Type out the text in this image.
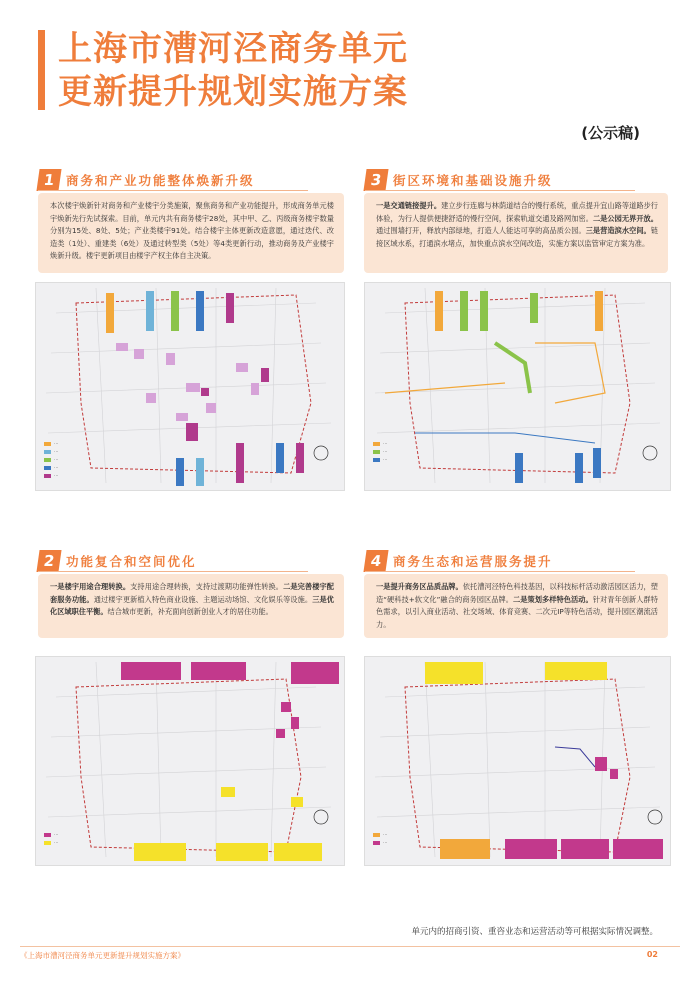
上海市漕河泾商务单元
更新提升规划实施方案
(公示稿)
1 商务和产业功能整体焕新升级
本次楼宇焕新针对商务和产业楼宇分类施策，聚焦商务和产业功能提升，形成商务单元楼宇焕新先行先试探索。目前，单元内共有商务楼宇28处，其中甲、乙、丙级商务楼宇数量分别为15处、8处、5处；产业类楼宇91处。结合楼宇主体更新改造意愿，通过迭代、改造类（1处）、重建类（6处）及通过转型类（5处）等4类更新行动，推动商务及产业楼宇焕新升级。楼宇更新项目由楼宇产权主体自主决策。
3 街区环境和基础设施升级
一是交通链接提升。建立步行连廊与林荫道结合的慢行系统，重点提升宜山路等道路步行体验，为行人提供便捷舒适的慢行空间，探索轨道交通及路网加密。二是公园无界开放。通过围墙打开，释放内部绿地，打造人人能达可享的高品质公园。三是营造滨水空间。链接区域水系，打通滨水堵点，加快重点滨水空间改造，实施方案以监管审定方案为准。
…
…
…
…
…
…
…
…
2 功能复合和空间优化
一是楼宇用途合理转换。支持用途合理转换，支持过渡期功能弹性转换。二是完善楼宇配套服务功能。通过楼宇更新植入特色商业设施、主题运动场馆、文化娱乐等设施。三是优化区域职住平衡。结合城市更新，补充面向创新创业人才的居住功能。
4 商务生态和运营服务提升
一是提升商务区品质品牌。依托漕河泾特色科技基因，以科技标杆活动激活园区活力，塑造“硬科技+软文化”融合的商务园区品牌。二是策划多样特色活动。针对青年创新人群特色需求，以引入商业活动、社交场域、体育竞赛、二次元IP等特色活动，提升园区潮流活力。
…
…
…
…
单元内的招商引资、重咨业态和运营活动等可根据实际情况调整。
《上海市漕河泾商务单元更新提升规划实施方案》	02
